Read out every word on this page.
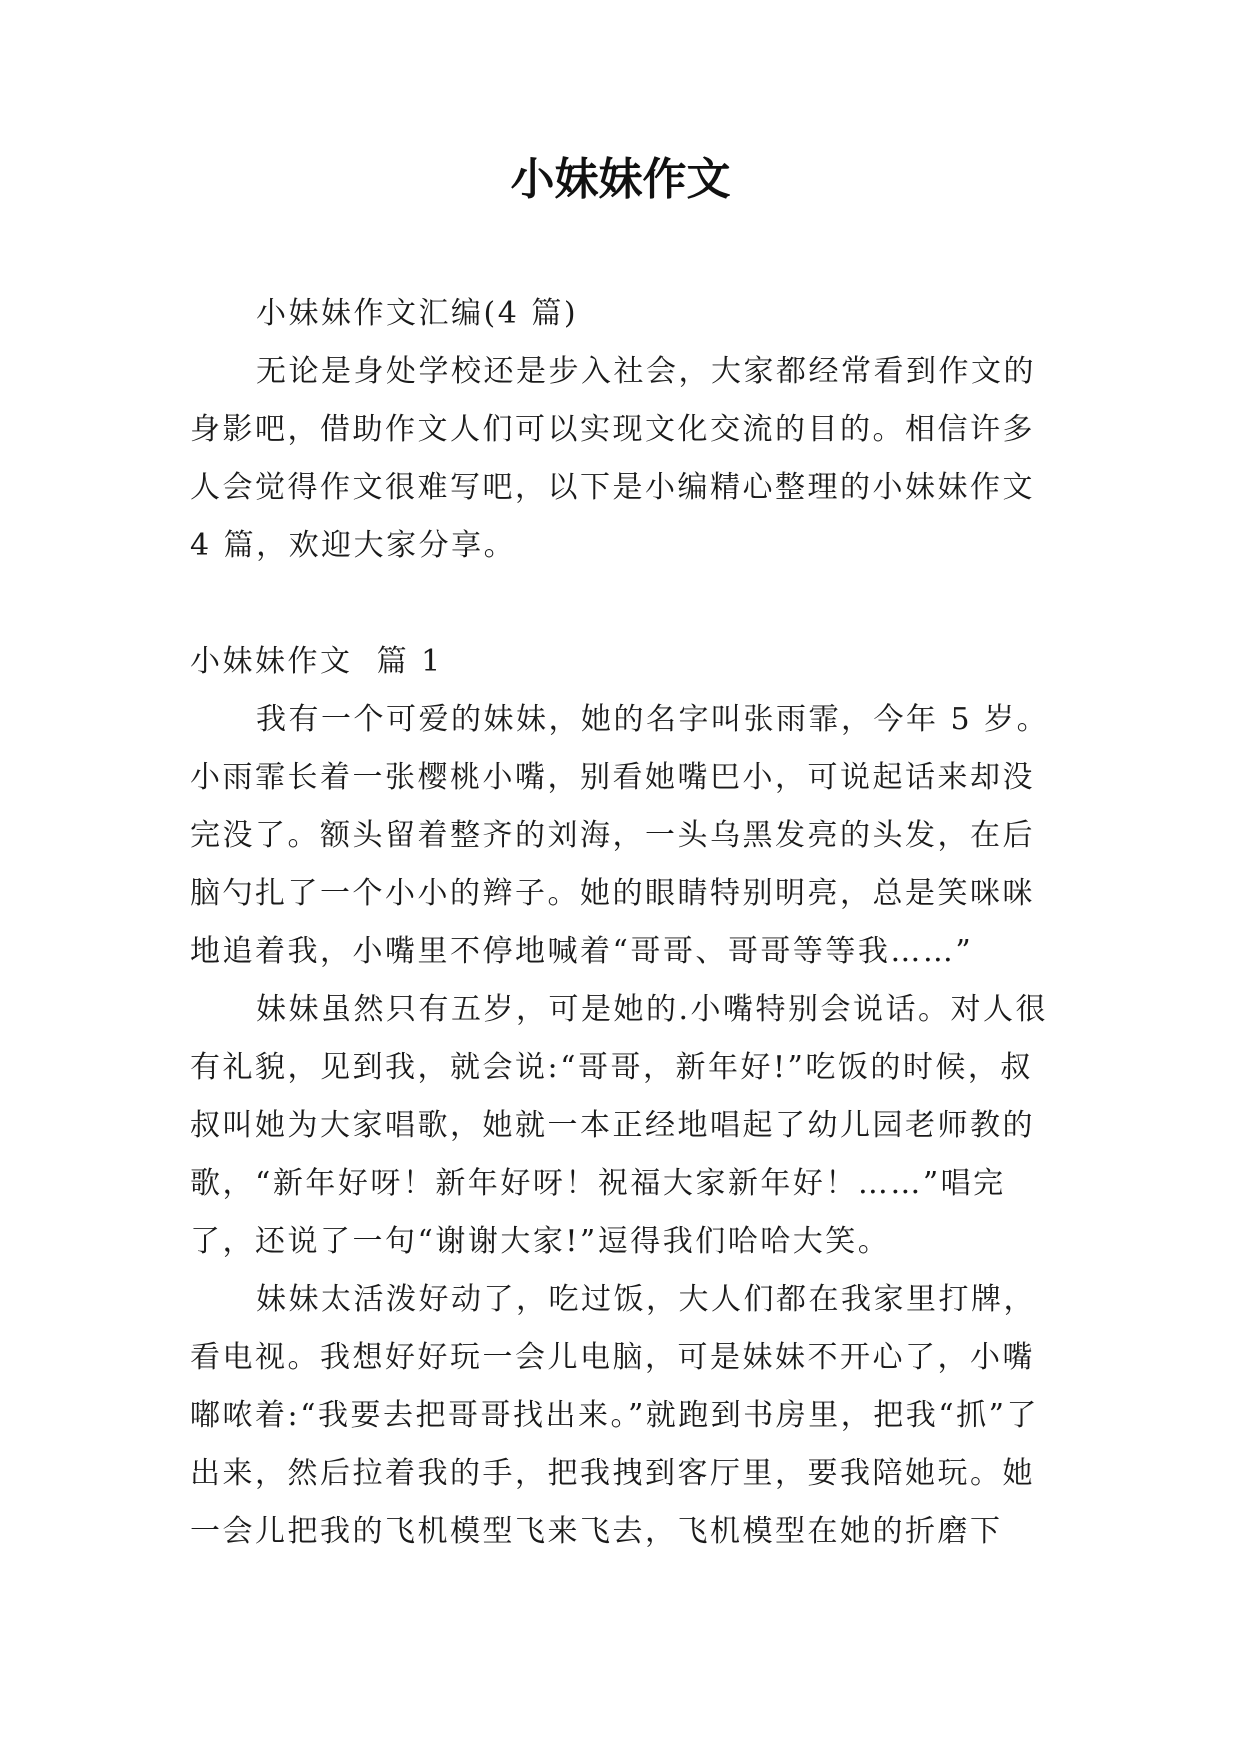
小妹妹作文

小妹妹作文汇编(4 篇)

无论是身处学校还是步入社会，大家都经常看到作文的身影吧，借助作文人们可以实现文化交流的目的。相信许多人会觉得作文很难写吧，以下是小编精心整理的小妹妹作文 4 篇，欢迎大家分享。

小妹妹作文  篇 1

我有一个可爱的妹妹，她的名字叫张雨霏，今年 5 岁。小雨霏长着一张樱桃小嘴，别看她嘴巴小，可说起话来却没完没了。额头留着整齐的刘海，一头乌黑发亮的头发，在后脑勺扎了一个小小的辫子。她的眼睛特别明亮，总是笑咪咪地追着我，小嘴里不停地喊着“哥哥、哥哥等等我……”

妹妹虽然只有五岁，可是她的.小嘴特别会说话。对人很有礼貌，见到我，就会说:“哥哥，新年好!”吃饭的时候，叔叔叫她为大家唱歌，她就一本正经地唱起了幼儿园老师教的歌，“新年好呀！新年好呀！祝福大家新年好！……”唱完了，还说了一句“谢谢大家!”逗得我们哈哈大笑。

妹妹太活泼好动了，吃过饭，大人们都在我家里打牌，看电视。我想好好玩一会儿电脑，可是妹妹不开心了，小嘴嘟哝着:“我要去把哥哥找出来。”就跑到书房里，把我“抓”了出来，然后拉着我的手，把我拽到客厅里，要我陪她玩。她一会儿把我的飞机模型飞来飞去，飞机模型在她的折磨下
